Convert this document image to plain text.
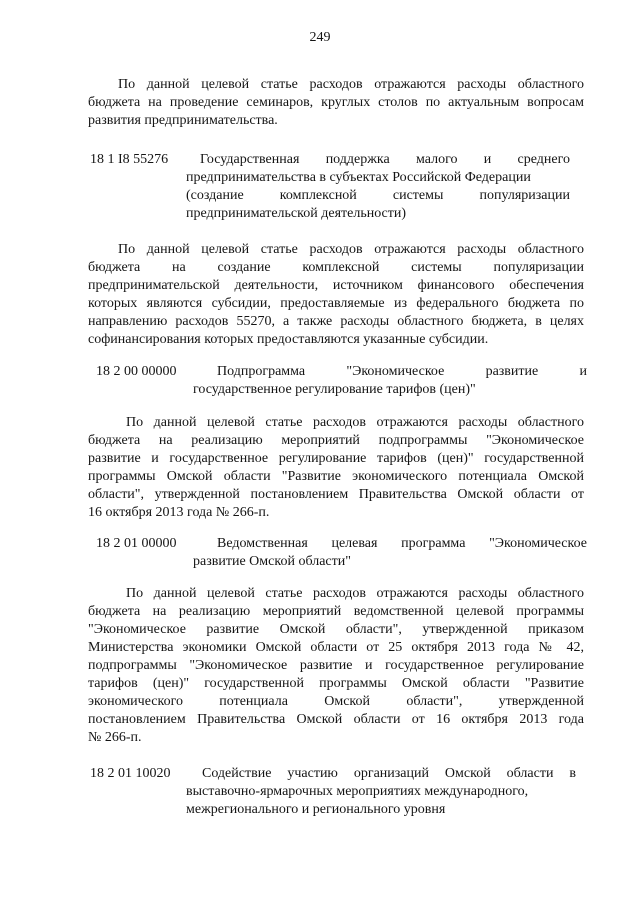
249
По данной целевой статье расходов отражаются расходы областного
бюджета на проведение семинаров, круглых столов по актуальным вопросам
развития предпринимательства.
18 1 I8 55276	Государственная поддержка малого и среднего
предпринимательства в субъектах Российской Федерации
(создание комплексной системы популяризации
предпринимательской деятельности)
По данной целевой статье расходов отражаются расходы областного
бюджета на создание комплексной системы популяризации
предпринимательской деятельности, источником финансового обеспечения
которых являются субсидии, предоставляемые из федерального бюджета по
направлению расходов 55270, а также расходы областного бюджета, в целях
софинансирования которых предоставляются указанные субсидии.
18 2 00 00000	Подпрограмма "Экономическое развитие и
государственное регулирование тарифов (цен)"
По данной целевой статье расходов отражаются расходы областного
бюджета на реализацию мероприятий подпрограммы "Экономическое
развитие и государственное регулирование тарифов (цен)" государственной
программы Омской области "Развитие экономического потенциала Омской
области", утвержденной постановлением Правительства Омской области от
16 октября 2013 года № 266-п.
18 2 01 00000	Ведомственная целевая программа "Экономическое
развитие Омской области"
По данной целевой статье расходов отражаются расходы областного
бюджета на реализацию мероприятий ведомственной целевой программы
"Экономическое развитие Омской области", утвержденной приказом
Министерства экономики Омской области от 25 октября 2013 года № 42,
подпрограммы "Экономическое развитие и государственное регулирование
тарифов (цен)" государственной программы Омской области "Развитие
экономического потенциала Омской области", утвержденной
постановлением Правительства Омской области от 16 октября 2013 года
№ 266-п.
18 2 01 10020	Содействие участию организаций Омской области в
выставочно-ярмарочных мероприятиях международного,
межрегионального и регионального уровня
